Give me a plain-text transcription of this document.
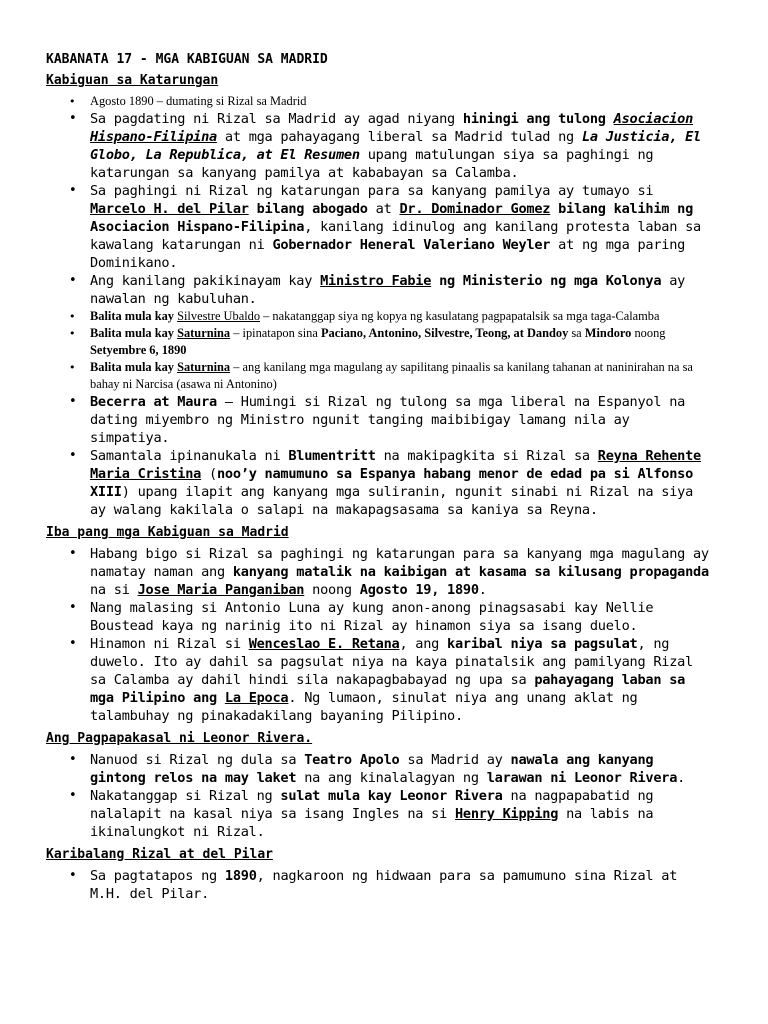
KABANATA 17 - MGA KABIGUAN SA MADRID
Kabiguan sa Katarungan
• Agosto 1890 – dumating si Rizal sa Madrid
• Sa pagdating ni Rizal sa Madrid ay agad niyang hiningi ang tulong Asociacion Hispano-Filipina at mga pahayagang liberal sa Madrid tulad ng La Justicia, El Globo, La Republica, at El Resumen upang matulungan siya sa paghingi ng katarungan sa kanyang pamilya at kababayan sa Calamba.
• Sa paghingi ni Rizal ng katarungan para sa kanyang pamilya ay tumayo si Marcelo H. del Pilar bilang abogado at Dr. Dominador Gomez bilang kalihim ng Asociacion Hispano-Filipina, kanilang idinulog ang kanilang protesta laban sa kawalang katarungan ni Gobernador Heneral Valeriano Weyler at ng mga paring Dominikano.
• Ang kanilang pakikinayam kay Ministro Fabie ng Ministerio ng mga Kolonya ay nawalan ng kabuluhan.
• Balita mula kay Silvestre Ubaldo – nakatanggap siya ng kopya ng kasulatang pagpapatalsik sa mga taga-Calamba
• Balita mula kay Saturnina – ipinatapon sina Paciano, Antonino, Silvestre, Teong, at Dandoy sa Mindoro noong Setyembre 6, 1890
• Balita mula kay Saturnina – ang kanilang mga magulang ay sapilitang pinaalis sa kanilang tahanan at naninirahan na sa bahay ni Narcisa (asawa ni Antonino)
• Becerra at Maura – Humingi si Rizal ng tulong sa mga liberal na Espanyol na dating miyembro ng Ministro ngunit tanging maibibigay lamang nila ay simpatiya.
• Samantala ipinanukala ni Blumentritt na makipagkita si Rizal sa Reyna Rehente Maria Cristina (noo’y namumuno sa Espanya habang menor de edad pa si Alfonso XIII) upang ilapit ang kanyang mga suliranin, ngunit sinabi ni Rizal na siya ay walang kakilala o salapi na makapagsasama sa kaniya sa Reyna.
Iba pang mga Kabiguan sa Madrid
• Habang bigo si Rizal sa paghingi ng katarungan para sa kanyang mga magulang ay namatay naman ang kanyang matalik na kaibigan at kasama sa kilusang propaganda na si Jose Maria Panganiban noong Agosto 19, 1890.
• Nang malasing si Antonio Luna ay kung anon-anong pinagsasabi kay Nellie Boustead kaya ng narinig ito ni Rizal ay hinamon siya sa isang duelo.
• Hinamon ni Rizal si Wenceslao E. Retana, ang karibal niya sa pagsulat, ng duwelo. Ito ay dahil sa pagsulat niya na kaya pinatalsik ang pamilyang Rizal sa Calamba ay dahil hindi sila nakapagbabayad ng upa sa pahayagang laban sa mga Pilipino ang La Epoca. Ng lumaon, sinulat niya ang unang aklat ng talambuhay ng pinakadakilang bayaning Pilipino.
Ang Pagpapakasal ni Leonor Rivera.
• Nanuod si Rizal ng dula sa Teatro Apolo sa Madrid ay nawala ang kanyang gintong relos na may laket na ang kinalalagyan ng larawan ni Leonor Rivera.
• Nakatanggap si Rizal ng sulat mula kay Leonor Rivera na nagpapabatid ng nalalapit na kasal niya sa isang Ingles na si Henry Kipping na labis na ikinalungkot ni Rizal.
Karibalang Rizal at del Pilar
• Sa pagtatapos ng 1890, nagkaroon ng hidwaan para sa pamumuno sina Rizal at M.H. del Pilar.
